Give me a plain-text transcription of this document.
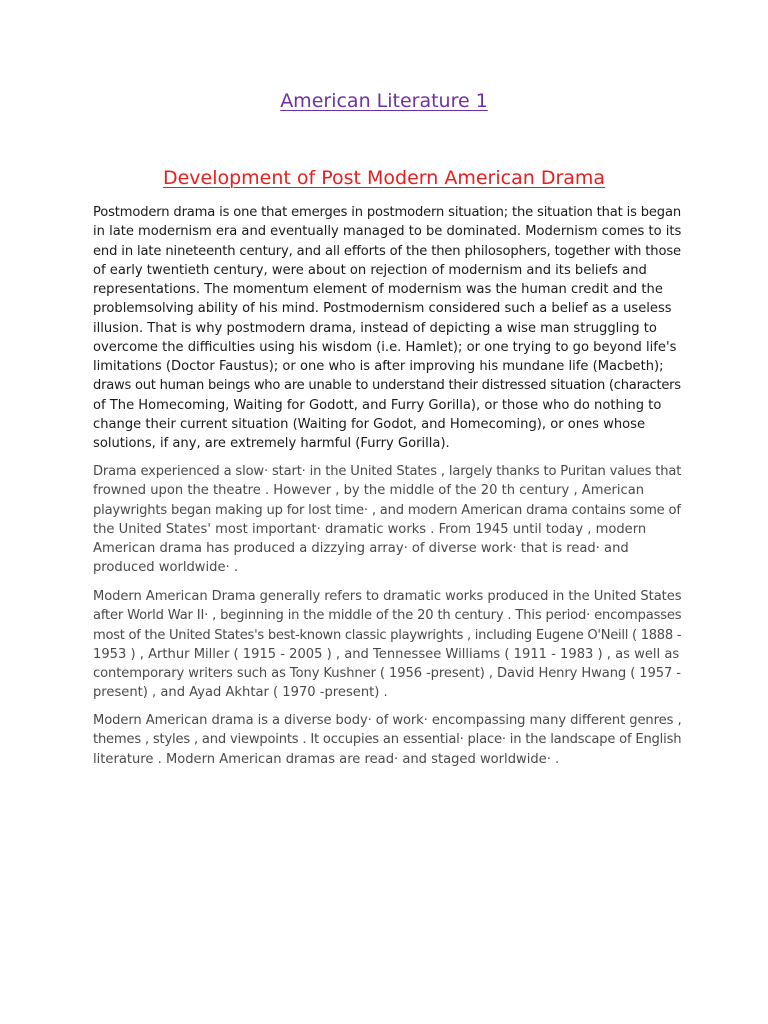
American Literature 1
Development of Post Modern American Drama
Postmodern drama is one that emerges in postmodern situation; the situation that is began
in late modernism era and eventually managed to be dominated. Modernism comes to its
end in late nineteenth century, and all efforts of the then philosophers, together with those
of early twentieth century, were about on rejection of modernism and its beliefs and
representations. The momentum element of modernism was the human credit and the
problemsolving ability of his mind. Postmodernism considered such a belief as a useless
illusion. That is why postmodern drama, instead of depicting a wise man struggling to
overcome the difficulties using his wisdom (i.e. Hamlet); or one trying to go beyond life's
limitations (Doctor Faustus); or one who is after improving his mundane life (Macbeth);
draws out human beings who are unable to understand their distressed situation (characters
of The Homecoming, Waiting for Godott, and Furry Gorilla), or those who do nothing to
change their current situation (Waiting for Godot, and Homecoming), or ones whose
solutions, if any, are extremely harmful (Furry Gorilla).
Drama experienced a slow· start· in the United States , largely thanks to Puritan values that
frowned upon the theatre . However , by the middle of the 20 th century , American
playwrights began making up for lost time· , and modern American drama contains some of
the United States' most important· dramatic works . From 1945 until today , modern
American drama has produced a dizzying array· of diverse work· that is read· and
produced worldwide· .
Modern American Drama generally refers to dramatic works produced in the United States
after World War II· , beginning in the middle of the 20 th century . This period· encompasses
most of the United States's best-known classic playwrights , including Eugene O'Neill ( 1888 -
1953 ) , Arthur Miller ( 1915 - 2005 ) , and Tennessee Williams ( 1911 - 1983 ) , as well as
contemporary writers such as Tony Kushner ( 1956 -present) , David Henry Hwang ( 1957 -
present) , and Ayad Akhtar ( 1970 -present) .
Modern American drama is a diverse body· of work· encompassing many different genres ,
themes , styles , and viewpoints . It occupies an essential· place· in the landscape of English
literature . Modern American dramas are read· and staged worldwide· .
